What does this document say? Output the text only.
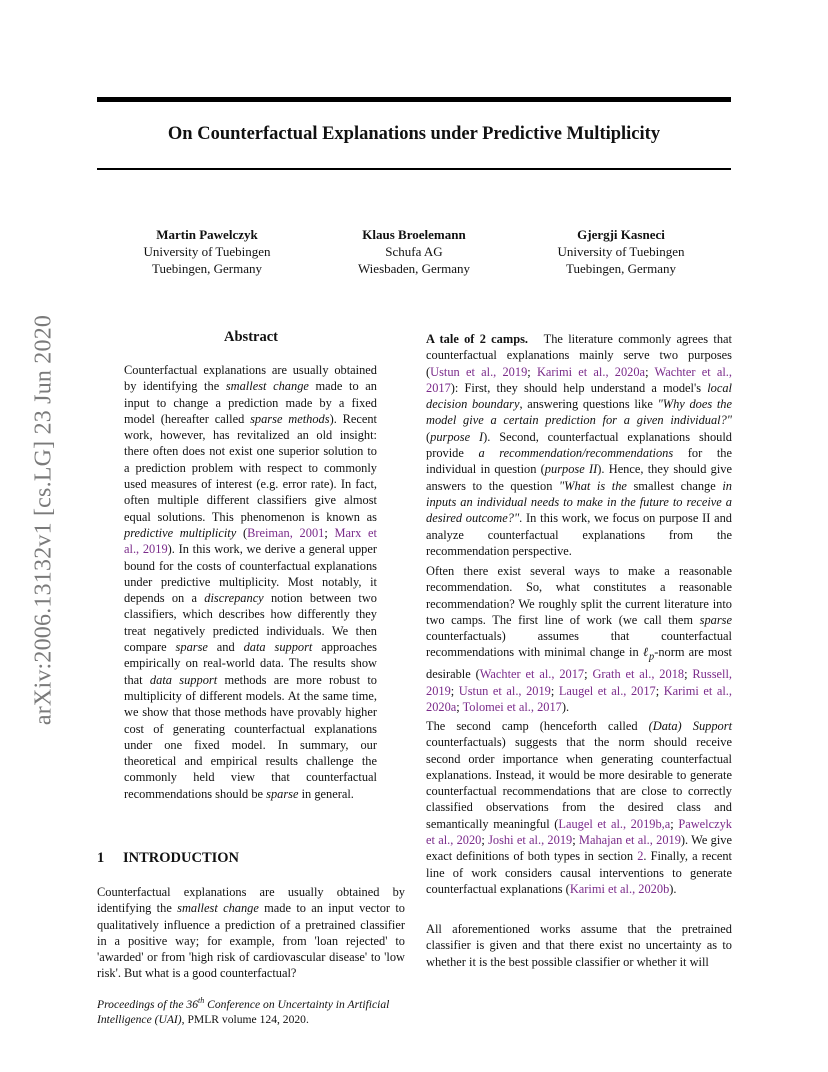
On Counterfactual Explanations under Predictive Multiplicity
arXiv:2006.13132v1 [cs.LG] 23 Jun 2020
Martin Pawelczyk
University of Tuebingen
Tuebingen, Germany
Klaus Broelemann
Schufa AG
Wiesbaden, Germany
Gjergji Kasneci
University of Tuebingen
Tuebingen, Germany
Abstract
Counterfactual explanations are usually obtained by identifying the smallest change made to an input to change a prediction made by a fixed model (hereafter called sparse methods). Recent work, however, has revitalized an old insight: there often does not exist one superior solution to a prediction problem with respect to commonly used measures of interest (e.g. error rate). In fact, often multiple different classifiers give almost equal solutions. This phenomenon is known as predictive multiplicity (Breiman, 2001; Marx et al., 2019). In this work, we derive a general upper bound for the costs of counterfactual explanations under predictive multiplicity. Most notably, it depends on a discrepancy notion between two classifiers, which describes how differently they treat negatively predicted individuals. We then compare sparse and data support approaches empirically on real-world data. The results show that data support methods are more robust to multiplicity of different models. At the same time, we show that those methods have provably higher cost of generating counterfactual explanations under one fixed model. In summary, our theoretical and empirical results challenge the commonly held view that counterfactual recommendations should be sparse in general.
1 INTRODUCTION
Counterfactual explanations are usually obtained by identifying the smallest change made to an input vector to qualitatively influence a prediction of a pretrained classifier in a positive way; for example, from 'loan rejected' to 'awarded' or from 'high risk of cardiovascular disease' to 'low risk'. But what is a good counterfactual?
Proceedings of the 36th Conference on Uncertainty in Artificial Intelligence (UAI), PMLR volume 124, 2020.
A tale of 2 camps.   The literature commonly agrees that counterfactual explanations mainly serve two purposes (Ustun et al., 2019; Karimi et al., 2020a; Wachter et al., 2017): First, they should help understand a model's local decision boundary, answering questions like "Why does the model give a certain prediction for a given individual?" (purpose I). Second, counterfactual explanations should provide a recommendation/recommendations for the individual in question (purpose II). Hence, they should give answers to the question "What is the smallest change in inputs an individual needs to make in the future to receive a desired outcome?". In this work, we focus on purpose II and analyze counterfactual explanations from the recommendation perspective.
Often there exist several ways to make a reasonable recommendation. So, what constitutes a reasonable recommendation? We roughly split the current literature into two camps. The first line of work (we call them sparse counterfactuals) assumes that counterfactual recommendations with minimal change in ℓ$_p$-norm are most desirable (Wachter et al., 2017; Grath et al., 2018; Russell, 2019; Ustun et al., 2019; Laugel et al., 2017; Karimi et al., 2020a; Tolomei et al., 2017).
The second camp (henceforth called (Data) Support counterfactuals) suggests that the norm should receive second order importance when generating counterfactual explanations. Instead, it would be more desirable to generate counterfactual recommendations that are close to correctly classified observations from the desired class and semantically meaningful (Laugel et al., 2019b,a; Pawelczyk et al., 2020; Joshi et al., 2019; Mahajan et al., 2019). We give exact definitions of both types in section 2. Finally, a recent line of work considers causal interventions to generate counterfactual explanations (Karimi et al., 2020b).
All aforementioned works assume that the pretrained classifier is given and that there exist no uncertainty as to whether it is the best possible classifier or whether it will
